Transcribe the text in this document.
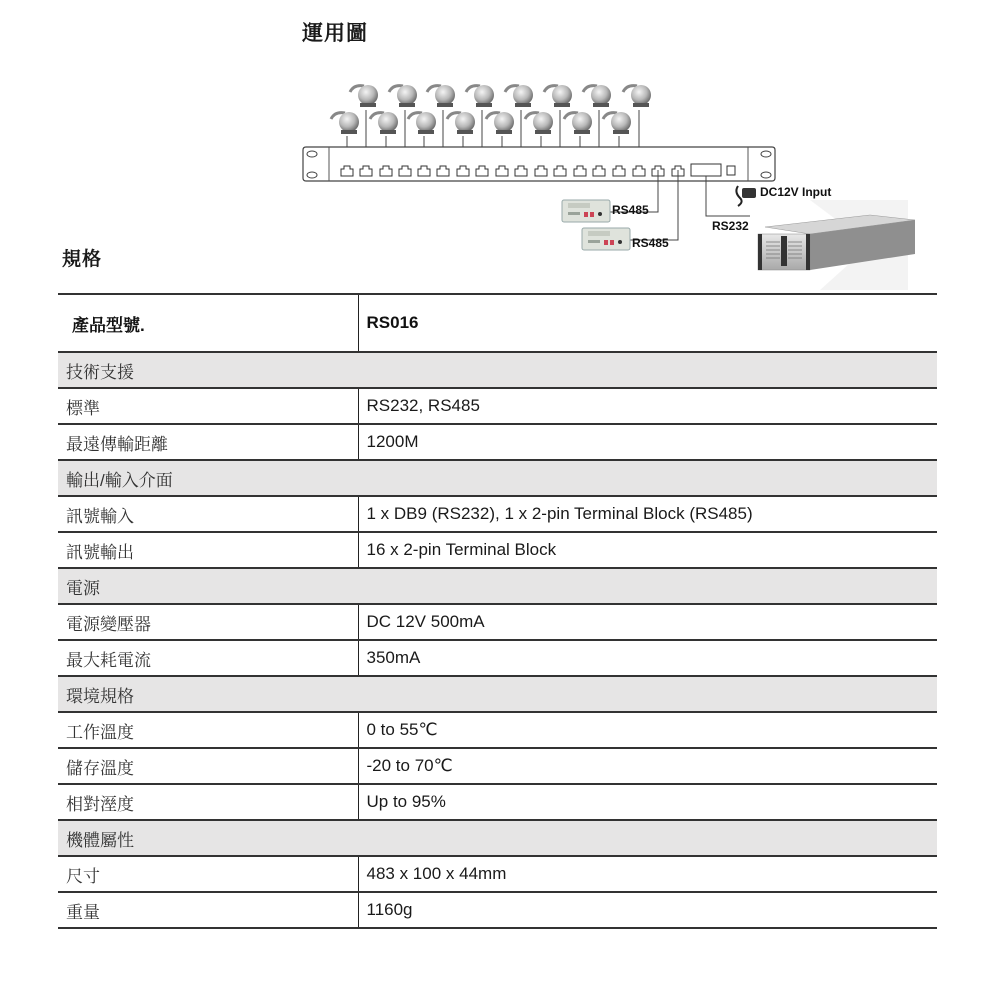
運用圖
RS485
RS485
RS232
DC12V Input
規格
產品型號.	RS016
技術支援	
標準	RS232, RS485
最遠傳輸距離	1200M
輸出/輸入介面	
訊號輸入	1 x DB9 (RS232), 1 x 2-pin Terminal Block (RS485)
訊號輸出	16 x 2-pin Terminal Block
電源	
電源變壓器	DC 12V 500mA
最大耗電流	350mA
環境規格	
工作溫度	0 to 55℃
儲存溫度	-20 to 70℃
相對溼度	Up to 95%
機體屬性	
尺寸	483 x 100 x 44mm
重量	1160g
